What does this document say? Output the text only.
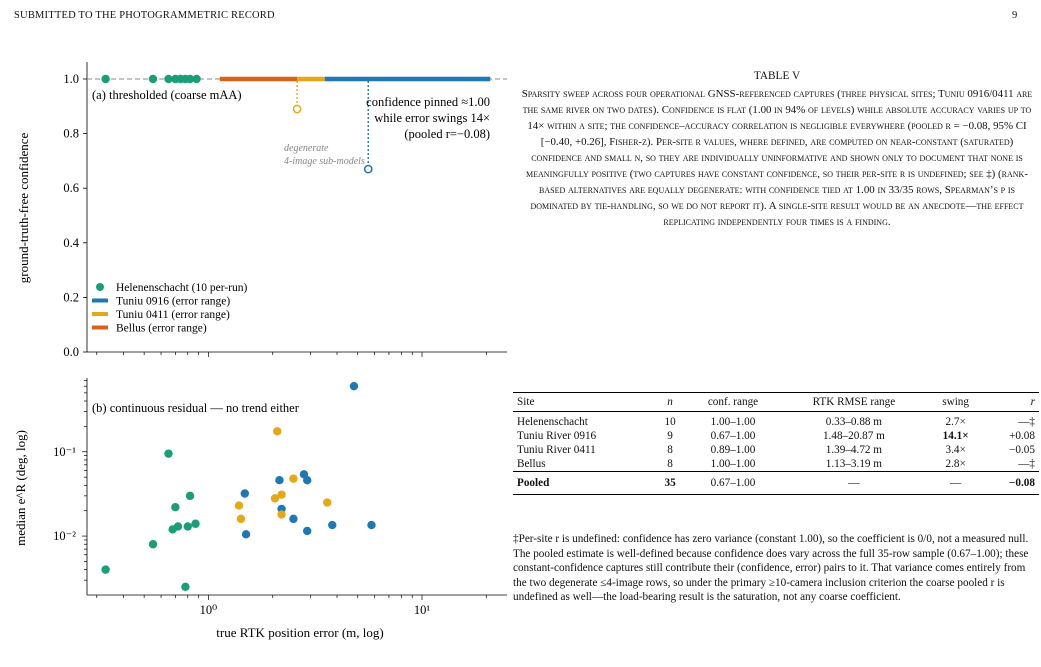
SUBMITTED TO THE PHOTOGRAMMETRIC RECORD	9
1.0
0.8
0.6
0.4
0.2
0.0
ground-truth-free confidence
(a) thresholded (coarse mAA)	confidence pinned ≈1.00
while error swings 14×
(pooled r=−0.08)
degenerate
4-image sub-models
Helenenschacht (10 per-run)
Tuniu 0916 (error range)
Tuniu 0411 (error range)
Bellus (error range)
10⁻¹
10⁻²
10⁰	10¹
median e^R (deg, log)
true RTK position error (m, log)
(b) continuous residual — no trend either
TABLE V
Sparsity sweep across four operational GNSS-referenced captures (three physical sites; Tuniu 0916/0411 are the same river on two dates). Confidence is flat (1.00 in 94% of levels) while absolute accuracy varies up to 14× within a site; the confidence–accuracy correlation is negligible everywhere (pooled r = −0.08, 95% CI [−0.40, +0.26], Fisher-z). Per-site r values, where defined, are computed on near-constant (saturated) confidence and small n, so they are individually uninformative and shown only to document that none is meaningfully positive (two captures have constant confidence, so their per-site r is undefined; see ‡) (rank-based alternatives are equally degenerate: with confidence tied at 1.00 in 33/35 rows, Spearman’s ρ is dominated by tie-handling, so we do not report it). A single-site result would be an anecdote—the effect replicating independently four times is a finding.
Site	n	conf. range	RTK RMSE range	swing	r
Helenenschacht	10	1.00–1.00	0.33–0.88 m	2.7×	—‡
Tuniu River 0916	9	0.67–1.00	1.48–20.87 m	14.1×	+0.08
Tuniu River 0411	8	0.89–1.00	1.39–4.72 m	3.4×	−0.05
Bellus	8	1.00–1.00	1.13–3.19 m	2.8×	—‡
Pooled	35	0.67–1.00	—	—	−0.08
‡Per-site r is undefined: confidence has zero variance (constant 1.00), so the coefficient is 0/0, not a measured null. The pooled estimate is well-defined because confidence does vary across the full 35-row sample (0.67–1.00); these constant-confidence captures still contribute their (confidence, error) pairs to it. That variance comes entirely from the two degenerate ≤4-image rows, so under the primary ≥10-camera inclusion criterion the coarse pooled r is undefined as well—the load-bearing result is the saturation, not any coarse coefficient.
